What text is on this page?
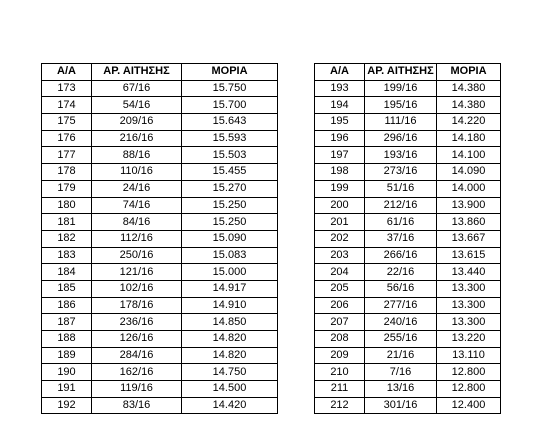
Α/Α	ΑΡ. ΑΙΤΗΣΗΣ	ΜΟΡΙΑ
173	67/16	15.750
174	54/16	15.700
175	209/16	15.643
176	216/16	15.593
177	88/16	15.503
178	110/16	15.455
179	24/16	15.270
180	74/16	15.250
181	84/16	15.250
182	112/16	15.090
183	250/16	15.083
184	121/16	15.000
185	102/16	14.917
186	178/16	14.910
187	236/16	14.850
188	126/16	14.820
189	284/16	14.820
190	162/16	14.750
191	119/16	14.500
192	83/16	14.420
Α/Α	ΑΡ. ΑΙΤΗΣΗΣ	ΜΟΡΙΑ
193	199/16	14.380
194	195/16	14.380
195	111/16	14.220
196	296/16	14.180
197	193/16	14.100
198	273/16	14.090
199	51/16	14.000
200	212/16	13.900
201	61/16	13.860
202	37/16	13.667
203	266/16	13.615
204	22/16	13.440
205	56/16	13.300
206	277/16	13.300
207	240/16	13.300
208	255/16	13.220
209	21/16	13.110
210	7/16	12.800
211	13/16	12.800
212	301/16	12.400
